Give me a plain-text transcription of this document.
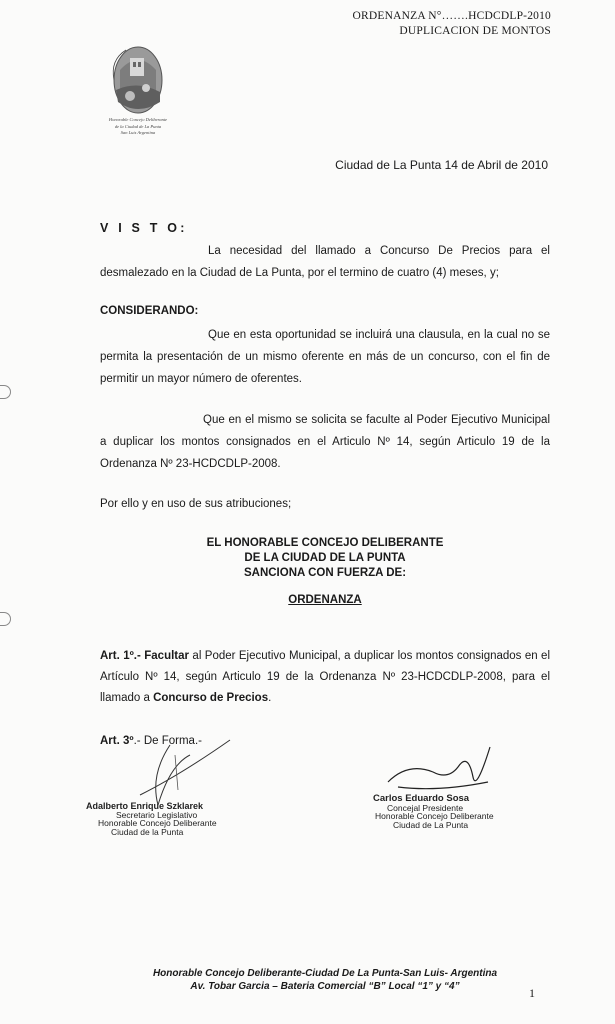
ORDENANZA N°…….HCDCDLP-2010
DUPLICACION DE MONTOS
Honorable Concejo Deliberante
de la Ciudad de La Punta
San Luis Argentina
Ciudad de La Punta 14 de Abril de 2010
V I S T O:
La necesidad del llamado a Concurso De Precios para el desmalezado en la Ciudad de La Punta, por el termino de cuatro (4) meses, y;
CONSIDERANDO:
Que en esta oportunidad se incluirá una clausula, en la cual no se permita la presentación de un mismo oferente en más de un concurso, con el fin de permitir un mayor número de oferentes.
Que en el mismo se solicita se faculte al Poder Ejecutivo Municipal a duplicar los montos consignados en el Articulo Nº 14, según Articulo 19 de la Ordenanza Nº 23-HCDCDLP-2008.
Por ello y en uso de sus atribuciones;
EL HONORABLE CONCEJO DELIBERANTE
DE LA CIUDAD DE LA PUNTA
SANCIONA CON FUERZA DE:
ORDENANZA
Art. 1º.- Facultar al Poder Ejecutivo Municipal, a duplicar los montos consignados en el Artículo Nº 14, según Articulo 19 de la Ordenanza Nº 23-HCDCDLP-2008, para el llamado a Concurso de Precios.
Art. 3º.- De Forma.-
Adalberto Enrique Szklarek
Secretario Legislativo
Honorable Concejo Deliberante
Ciudad de la Punta
Carlos Eduardo Sosa
Concejal Presidente
Honorable Concejo Deliberante
Ciudad de La Punta
Honorable Concejo Deliberante-Ciudad De La Punta-San Luis- Argentina
Av. Tobar Garcia – Bateria Comercial “B” Local “1” y “4”	1
